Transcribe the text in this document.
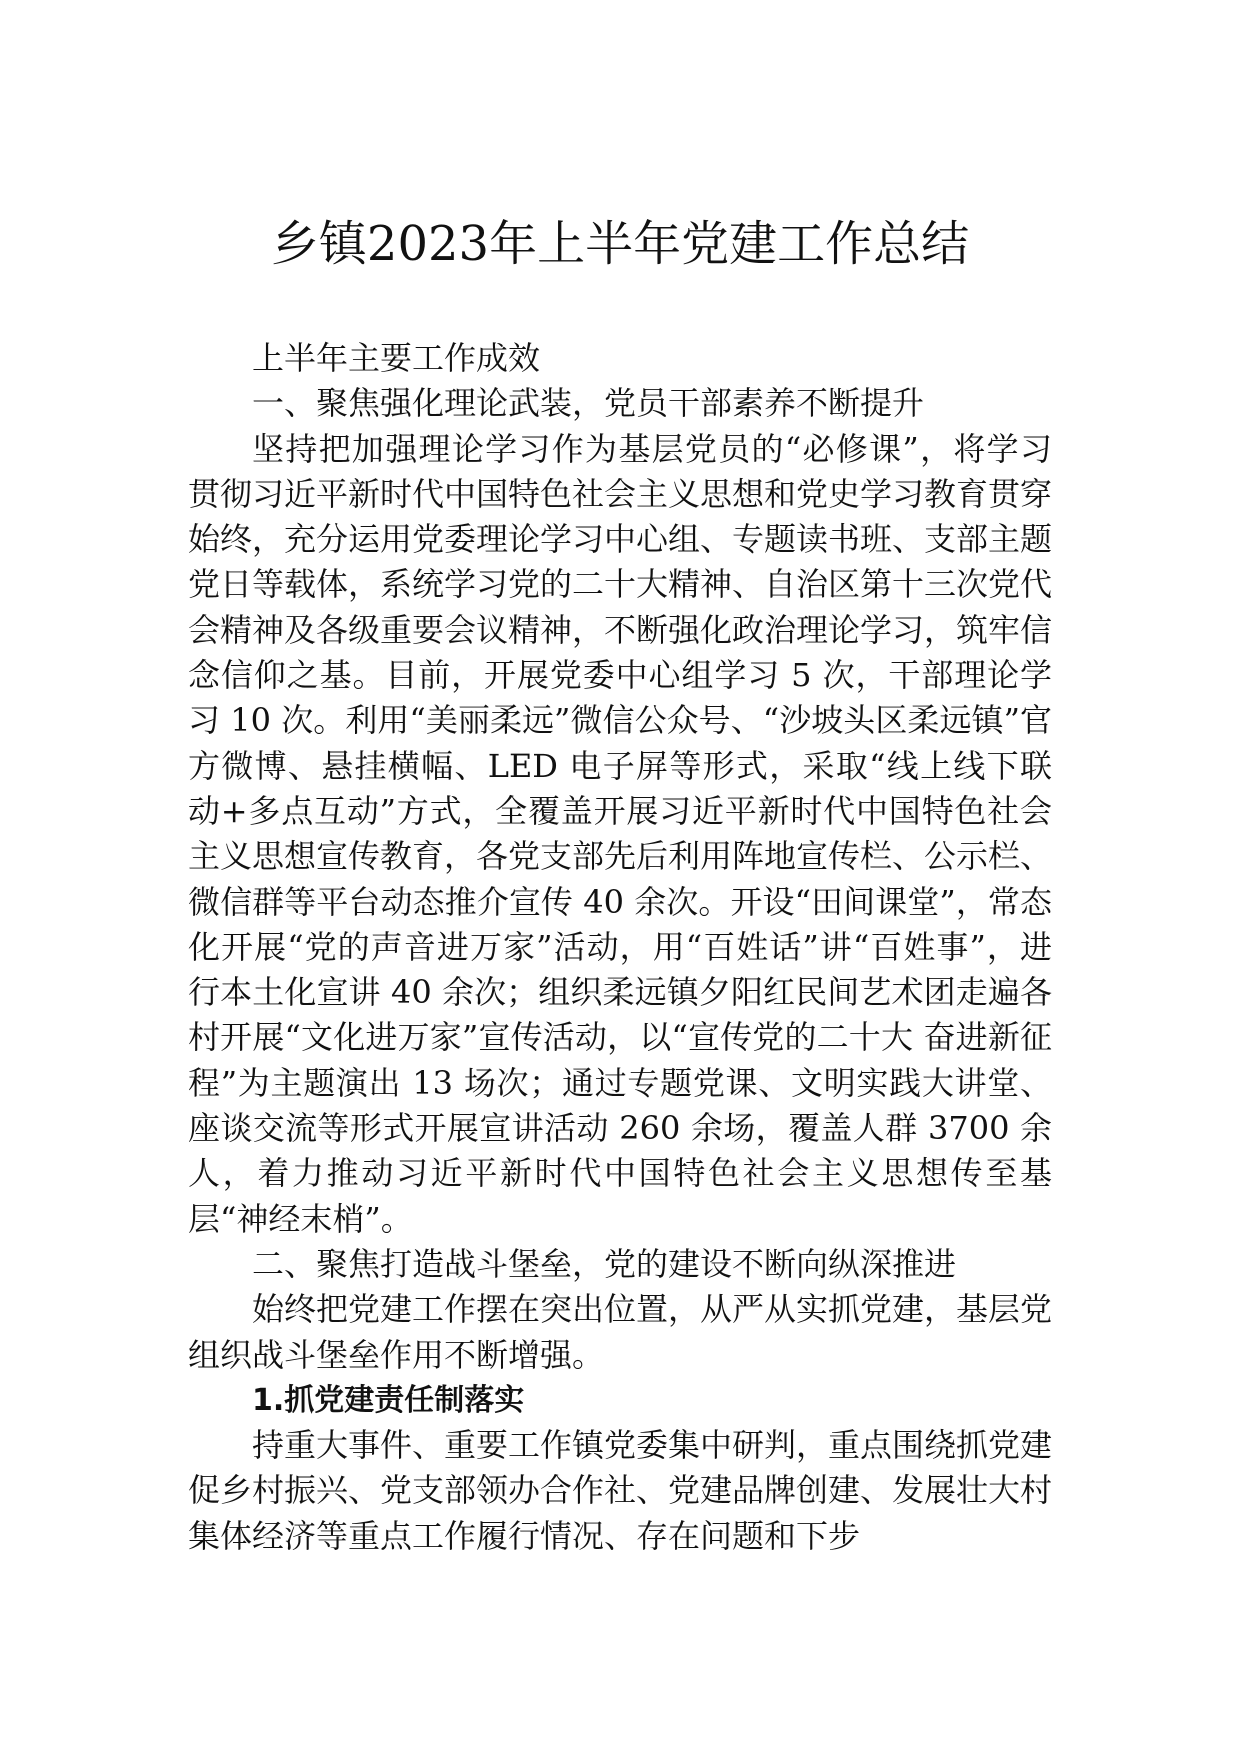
乡镇2023年上半年党建工作总结

上半年主要工作成效

一、聚焦强化理论武装，党员干部素养不断提升

坚持把加强理论学习作为基层党员的“必修课”，将学习贯彻习近平新时代中国特色社会主义思想和党史学习教育贯穿始终，充分运用党委理论学习中心组、专题读书班、支部主题党日等载体，系统学习党的二十大精神、自治区第十三次党代会精神及各级重要会议精神，不断强化政治理论学习，筑牢信念信仰之基。目前，开展党委中心组学习 5 次，干部理论学习 10 次。利用“美丽柔远”微信公众号、“沙坡头区柔远镇”官方微博、悬挂横幅、LED 电子屏等形式，采取“线上线下联动+多点互动”方式，全覆盖开展习近平新时代中国特色社会主义思想宣传教育，各党支部先后利用阵地宣传栏、公示栏、微信群等平台动态推介宣传 40 余次。开设“田间课堂”，常态化开展“党的声音进万家”活动，用“百姓话”讲“百姓事”，进行本土化宣讲 40 余次；组织柔远镇夕阳红民间艺术团走遍各村开展“文化进万家”宣传活动，以“宣传党的二十大 奋进新征程”为主题演出 13 场次；通过专题党课、文明实践大讲堂、座谈交流等形式开展宣讲活动 260 余场，覆盖人群 3700 余人，着力推动习近平新时代中国特色社会主义思想传至基层“神经末梢”。

二、聚焦打造战斗堡垒，党的建设不断向纵深推进

始终把党建工作摆在突出位置，从严从实抓党建，基层党组织战斗堡垒作用不断增强。

1.抓党建责任制落实

持重大事件、重要工作镇党委集中研判，重点围绕抓党建促乡村振兴、党支部领办合作社、党建品牌创建、发展壮大村集体经济等重点工作履行情况、存在问题和下步
